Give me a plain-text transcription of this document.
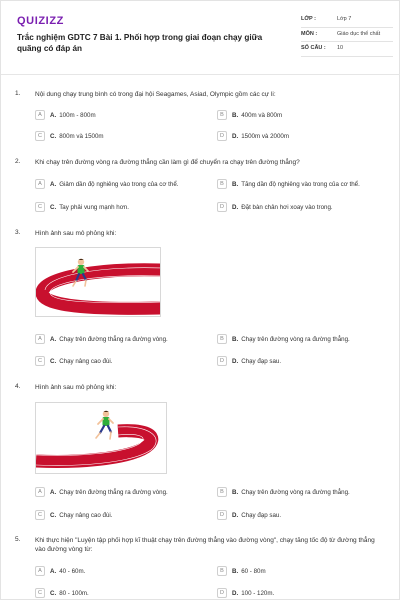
QUIZIZZ
Trắc nghiệm GDTC 7 Bài 1. Phối hợp trong giai đoạn chạy giữa quãng có đáp án
LỚP :	Lớp 7
MÔN :	Giáo dục thể chất
SỐ CÂU :	10
1. Nội dung chạy trung bình có trong đại hội Seagames, Asiad, Olympic gồm các cự li:
A	A. 100m - 800m	B	B. 400m và 800m
C	C. 800m và 1500m	D	D. 1500m và 2000m
2. Khi chạy trên đường vòng ra đường thẳng cần làm gì để chuyển ra chạy trên đường thẳng?
A	A. Giảm dần độ nghiêng vào trong của cơ thể.	B	B. Tăng dần độ nghiêng vào trong của cơ thể.
C	C. Tay phải vung mạnh hơn.	D	D. Đặt bàn chân hơi xoay vào trong.
3. Hình ảnh sau mô phỏng khi:
A	A. Chạy trên đường thẳng ra đường vòng.	B	B. Chạy trên đường vòng ra đường thẳng.
C	C. Chạy nâng cao đùi.	D	D. Chạy đạp sau.
4. Hình ảnh sau mô phỏng khi:
A	A. Chạy trên đường thẳng ra đường vòng.	B	B. Chạy trên đường vòng ra đường thẳng.
C	C. Chạy nâng cao đùi.	D	D. Chạy đạp sau.
5. Khi thực hiện "Luyện tập phối hợp kĩ thuật chạy trên đường thẳng vào đường vòng", chạy tăng tốc độ từ đường thẳng vào đường vòng từ:
A	A. 40 - 60m.	B	B. 60 - 80m
C	C. 80 - 100m.	D	D. 100 - 120m.
